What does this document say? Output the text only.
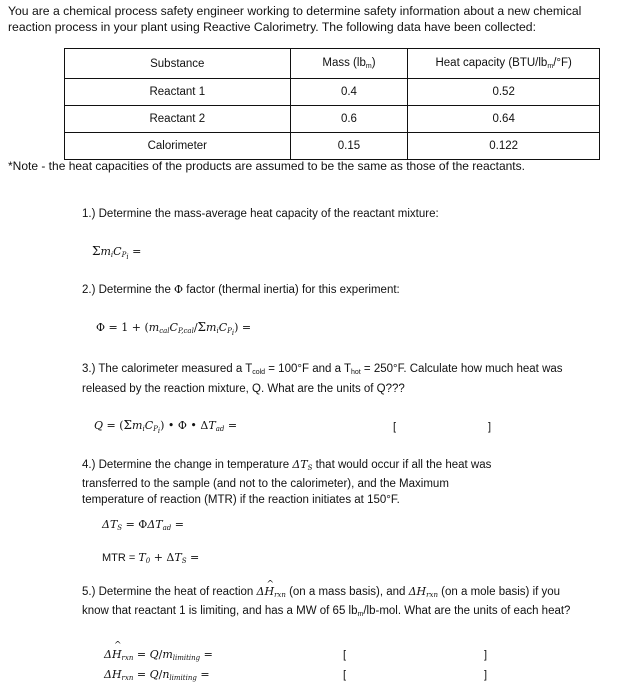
You are a chemical process safety engineer working to determine safety information about a new chemical reaction process in your plant using Reactive Calorimetry. The following data have been collected:
Substance	Mass $(lb_m)$	Heat capacity $(BTU/lb_m/^\circ F)$
Reactant 1	0.4	0.52
Reactant 2	0.6	0.64
Calorimeter	0.15	0.122
*Note - the heat capacities of the products are assumed to be the same as those of the reactants.
1.) Determine the mass-average heat capacity of the reactant mixture:
$\Sigma m_iC_{P_i}$ =
2.) Determine the Φ factor (thermal inertia) for this experiment:
$\Phi = 1 + (m_{cal}C_{P,cal}/\Sigma m_iC_{P_i})$ =
3.) The calorimeter measured a $T_{cold} = 100^\circ F$ and a $T_{hot} = 250^\circ F$. Calculate how much heat was released by the reaction mixture, Q. What are the units of Q???
$Q = (\Sigma m_iC_{P_i})$ • Φ • $\Delta T_{ad}$ =	[	]
4.) Determine the change in temperature $\Delta T_S$ that would occur if all the heat was transferred to the sample (and not to the calorimeter), and the Maximum temperature of reaction (MTR) if the reaction initiates at 150°F.
$\Delta T_S = \Phi\Delta T_{ad}$ =
MTR = $T_0 + \Delta T_S$ =
5.) Determine the heat of reaction Δ^ $H_{rxn}$ (on a mass basis), and $\Delta H_{rxn}$ (on a mole basis) if you know that reactant 1 is limiting, and has a MW of 65 $lb_m/lb$-mol. What are the units of each heat?
Δ^ $H_{rxn} = Q/m_{limiting}$ =
$\Delta H_{rxn} = Q/n_{limiting}$ =
[	]
[	]
